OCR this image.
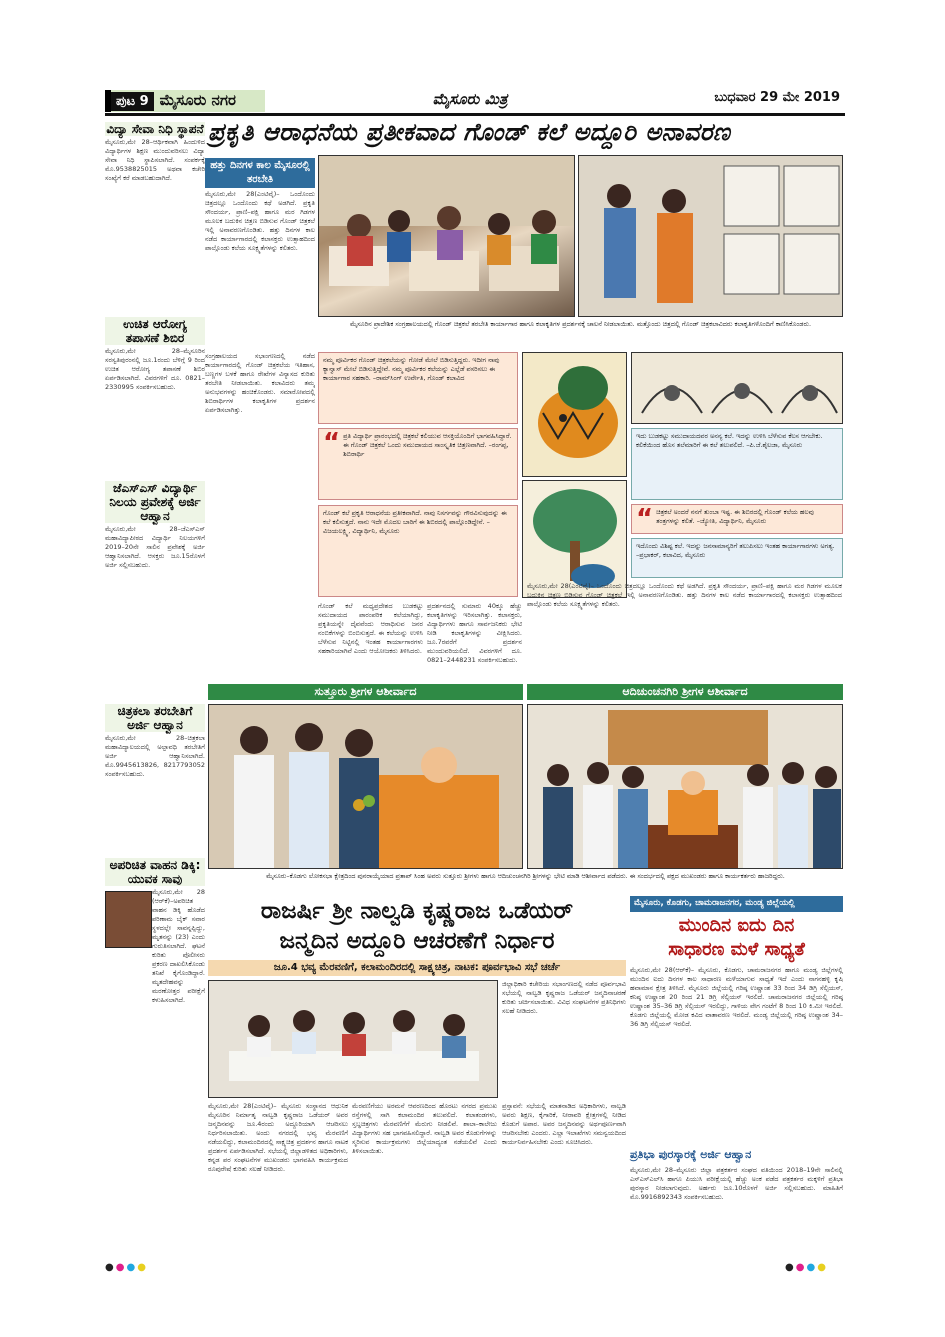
ಪುಟ 9 ಮೈಸೂರು ನಗರ	ಮೈಸೂರು ಮಿತ್ರ	ಬುಧವಾರ 29 ಮೇ 2019
ವಿದ್ಯಾ ಸೇವಾ ನಿಧಿ ಸ್ಥಾಪನೆ

ಮೈಸೂರು,ಮೇ 28–ಆರ್ಥಿಕವಾಗಿ ಹಿಂದುಳಿದ ವಿದ್ಯಾರ್ಥಿಗಳ ಶಿಕ್ಷಣ ಮುಂದುವರಿಸಲು ವಿದ್ಯಾ ಸೇವಾ ನಿಧಿ ಸ್ಥಾಪಿಸಲಾಗಿದೆ. ಸಂಪರ್ಕಕ್ಕೆ ಮೊ.9538825015 ಅಥವಾ ಕಚೇರಿ ಸಂಖ್ಯೆಗೆ ಕರೆ ಮಾಡಬಹುದಾಗಿದೆ.

ಉಚಿತ ಆರೋಗ್ಯ ತಪಾಸಣೆ ಶಿಬಿರ

ಮೈಸೂರು,ಮೇ 28–ಮೈಸೂರಿನ ಸರಸ್ವತಿಪುರಂನಲ್ಲಿ ಜೂ.1ರಂದು ಬೆಳಿಗ್ಗೆ 9 ರಿಂದ ಉಚಿತ ಆರೋಗ್ಯ ತಪಾಸಣೆ ಶಿಬಿರ ಏರ್ಪಡಿಸಲಾಗಿದೆ. ವಿವರಗಳಿಗೆ ದೂ. 0821–2330995 ಸಂಪರ್ಕಿಸಬಹುದು.

ಜೆಎಸ್‌ಎಸ್ ವಿದ್ಯಾರ್ಥಿ ನಿಲಯ ಪ್ರವೇಶಕ್ಕೆ ಅರ್ಜಿ ಆಹ್ವಾನ

ಮೈಸೂರು,ಮೇ 28–ಜೆಎಸ್‌ಎಸ್ ಮಹಾವಿದ್ಯಾಪೀಠದ ವಿದ್ಯಾರ್ಥಿ ನಿಲಯಗಳಿಗೆ 2019–20ನೇ ಸಾಲಿನ ಪ್ರವೇಶಕ್ಕೆ ಅರ್ಜಿ ಆಹ್ವಾನಿಸಲಾಗಿದೆ. ಆಸಕ್ತರು ಜೂ.15ರೊಳಗೆ ಅರ್ಜಿ ಸಲ್ಲಿಸಬಹುದು.

ಚಿತ್ರಕಲಾ ತರಬೇತಿಗೆ ಅರ್ಜಿ ಆಹ್ವಾನ

ಮೈಸೂರು,ಮೇ 28–ಚಿತ್ರಕಲಾ ಮಹಾವಿದ್ಯಾಲಯದಲ್ಲಿ ಅಲ್ಪಾವಧಿ ತರಬೇತಿಗೆ ಅರ್ಜಿ ಆಹ್ವಾನಿಸಲಾಗಿದೆ. ಮೊ.9945613826, 8217793052 ಸಂಪರ್ಕಿಸಬಹುದು.

ಅಪರಿಚಿತ ವಾಹನ ಡಿಕ್ಕಿ: ಯುವಕ ಸಾವು

ಮೈಸೂರು,ಮೇ 28 (ಆರ್‌ಕೆ)–ಅಪರಿಚಿತ ವಾಹನ ಡಿಕ್ಕಿ ಹೊಡೆದ ಪರಿಣಾಮ ಬೈಕ್ ಸವಾರ ಸ್ಥಳದಲ್ಲೇ ಸಾವನ್ನಪ್ಪಿದ್ದು, ಮೃತನನ್ನು (23) ಎಂದು ಗುರುತಿಸಲಾಗಿದೆ. ಘಟನೆ ಕುರಿತು ಪೊಲೀಸರು ಪ್ರಕರಣ ದಾಖಲಿಸಿಕೊಂಡು ತನಿಖೆ ಕೈಗೊಂಡಿದ್ದಾರೆ. ಮೃತದೇಹವನ್ನು ಮರಣೋತ್ತರ ಪರೀಕ್ಷೆಗೆ ಕಳುಹಿಸಲಾಗಿದೆ.

ಪ್ರಕೃತಿ ಆರಾಧನೆಯ ಪ್ರತೀಕವಾದ ಗೊಂಡ್ ಕಲೆ ಅದ್ದೂರಿ ಅನಾವರಣ
ಹತ್ತು ದಿನಗಳ ಕಾಲ ಮೈಸೂರಲ್ಲಿ ತರಬೇತಿ
ಮೈಸೂರು,ಮೇ 28(ಎಂಟಿವೈ)– ಒಂದೊಂದು ಚಿತ್ರದಲ್ಲೂ ಒಂದೊಂದು ಕಥೆ ಅಡಗಿದೆ. ಪ್ರಕೃತಿ ಸೌಂದರ್ಯ, ಪ್ರಾಣಿ–ಪಕ್ಷಿ ಹಾಗೂ ಮರ ಗಿಡಗಳ ಮೂಲಕ ಬದುಕಿನ ಚಿತ್ರಣ ಬಿಡಿಸುವ ಗೊಂಡ್ ಚಿತ್ರಕಲೆ ಇಲ್ಲಿ ಅನಾವರಣಗೊಂಡಿತು. ಹತ್ತು ದಿನಗಳ ಕಾಲ ನಡೆದ ಕಾರ್ಯಾಗಾರದಲ್ಲಿ ಕಲಾಸಕ್ತರು ಉತ್ಸಾಹದಿಂದ ಪಾಲ್ಗೊಂಡು ಕಲೆಯ ಸೂಕ್ಷ್ಮತೆಗಳನ್ನು ಕಲಿತರು.
ಸಂಗ್ರಹಾಲಯದ ಸಭಾಂಗಣದಲ್ಲಿ ನಡೆದ ಕಾರ್ಯಾಗಾರದಲ್ಲಿ ಗೊಂಡ್ ಚಿತ್ರಕಲೆಯ ಇತಿಹಾಸ, ಬಣ್ಣಗಳ ಬಳಕೆ ಹಾಗೂ ರೇಖೆಗಳ ವಿನ್ಯಾಸದ ಕುರಿತು ತರಬೇತಿ ನೀಡಲಾಯಿತು. ಕಲಾವಿದರು ತಮ್ಮ ಅನುಭವಗಳನ್ನು ಹಂಚಿಕೊಂಡರು. ಸಮಾರೋಪದಲ್ಲಿ ಶಿಬಿರಾರ್ಥಿಗಳ ಕಲಾಕೃತಿಗಳ ಪ್ರದರ್ಶನ ಏರ್ಪಡಿಸಲಾಗಿತ್ತು.
ಮೈಸೂರಿನ ಪ್ರಾದೇಶಿಕ ಸಂಗ್ರಹಾಲಯದಲ್ಲಿ ಗೊಂಡ್ ಚಿತ್ರಕಲೆ ತರಬೇತಿ ಕಾರ್ಯಾಗಾರ ಹಾಗೂ ಕಲಾಕೃತಿಗಳ ಪ್ರದರ್ಶನಕ್ಕೆ ಚಾಲನೆ ನೀಡಲಾಯಿತು. ಮತ್ತೊಂದು ಚಿತ್ರದಲ್ಲಿ ಗೊಂಡ್ ಚಿತ್ರಕಲಾವಿದರು ಕಲಾಕೃತಿಗಳೊಂದಿಗೆ ಕಾಣಿಸಿಕೊಂಡರು.
ನಮ್ಮ ಪೂರ್ವಿಕರ ಗೊಂಡ್ ಚಿತ್ರಕಲೆಯನ್ನು ಗೋಡೆ ಮೇಲೆ ಬಿಡಿಸುತ್ತಿದ್ದರು. ಇದೀಗ ನಾವು ಕ್ಯಾನ್ವಾಸ್ ಮೇಲೆ ಬಿಡಿಸುತ್ತಿದ್ದೇವೆ. ನಮ್ಮ ಪೂರ್ವಿಕರ ಕಲೆಯನ್ನು ಎಲ್ಲೆಡೆ ಪಸರಿಸಲು ಈ ಕಾರ್ಯಾಗಾರ ಸಹಕಾರಿ. –ರಾಮ್‌ಸಿಂಗ್ ಉರ್ವೇತಿ, ಗೊಂಡ್ ಕಲಾವಿದ
“ ಪ್ರತಿ ವಿದ್ಯಾರ್ಥಿ ಪ್ರಾರಂಭದಲ್ಲಿ ಚಿತ್ರಕಲೆ ಕಲಿಯುವ ಆಸಕ್ತಿಯೊಂದಿಗೆ ಭಾಗವಹಿಸಿದ್ದಾರೆ. ಈ ಗೊಂಡ್ ಚಿತ್ರಕಲೆ ಒಂದು ಸಮುದಾಯದ ಸಾಂಸ್ಕೃತಿಕ ಚಿತ್ರಣವಾಗಿದೆ. –ರಂಗಪ್ಪ, ಶಿಬಿರಾರ್ಥಿ
ಗೊಂಡ್ ಕಲೆ ಪ್ರಕೃತಿ ಆರಾಧನೆಯ ಪ್ರತೀಕವಾಗಿದೆ. ನಾವು ನಿಸರ್ಗವನ್ನು ಗೌರವಿಸುವುದನ್ನು ಈ ಕಲೆ ಕಲಿಸುತ್ತದೆ. ನಾನು ಇದೇ ಮೊದಲ ಬಾರಿಗೆ ಈ ಶಿಬಿರದಲ್ಲಿ ಪಾಲ್ಗೊಂಡಿದ್ದೇನೆ. –ವಿಜಯಲಕ್ಷ್ಮಿ, ವಿದ್ಯಾರ್ಥಿನಿ, ಮೈಸೂರು
ಇದು ಬುಡಕಟ್ಟು ಸಮುದಾಯದವರ ಅನನ್ಯ ಕಲೆ. ಇದನ್ನು ಉಳಿಸಿ ಬೆಳೆಸುವ ಕೆಲಸ ಆಗಬೇಕು. ಕಲಿಕೆಯಿಂದ ಹೊಸ ತಲೆಮಾರಿಗೆ ಈ ಕಲೆ ತಲುಪಲಿದೆ. –ಪಿ.ಜೆ.ಶೈಲಜಾ, ಮೈಸೂರು
“ ಚಿತ್ರಕಲೆ ಅಂದರೆ ನನಗೆ ತುಂಬಾ ಇಷ್ಟ. ಈ ಶಿಬಿರದಲ್ಲಿ ಗೊಂಡ್ ಕಲೆಯ ಹಲವು ತಂತ್ರಗಳನ್ನು ಕಲಿತೆ. –ಜ್ಯೋತಿ, ವಿದ್ಯಾರ್ಥಿನಿ, ಮೈಸೂರು
ಇದೊಂದು ವಿಶಿಷ್ಟ ಕಲೆ. ಇದನ್ನು ಜನಸಾಮಾನ್ಯರಿಗೆ ತಲುಪಿಸಲು ಇಂತಹ ಕಾರ್ಯಾಗಾರಗಳು ಅಗತ್ಯ. –ಪ್ರಭಾಕರ್, ಕಲಾವಿದ, ಮೈಸೂರು
ಗೊಂಡ್ ಕಲೆ ಮಧ್ಯಪ್ರದೇಶದ ಬುಡಕಟ್ಟು ಸಮುದಾಯದ ಪಾರಂಪರಿಕ ಕಲೆಯಾಗಿದ್ದು, ಪ್ರಕೃತಿಯನ್ನೇ ದೈವವೆಂದು ಆರಾಧಿಸುವ ಜನರ ನಂಬಿಕೆಗಳನ್ನು ಬಿಂಬಿಸುತ್ತದೆ. ಈ ಕಲೆಯನ್ನು ಉಳಿಸಿ ಬೆಳೆಸುವ ನಿಟ್ಟಿನಲ್ಲಿ ಇಂತಹ ಕಾರ್ಯಾಗಾರಗಳು ಸಹಕಾರಿಯಾಗಿವೆ ಎಂದು ಆಯೋಜಕರು ತಿಳಿಸಿದರು.
ಪ್ರದರ್ಶನದಲ್ಲಿ ಸುಮಾರು 40ಕ್ಕೂ ಹೆಚ್ಚು ಕಲಾಕೃತಿಗಳನ್ನು ಇರಿಸಲಾಗಿತ್ತು. ಕಲಾಸಕ್ತರು, ವಿದ್ಯಾರ್ಥಿಗಳು ಹಾಗೂ ಸಾರ್ವಜನಿಕರು ಭೇಟಿ ನೀಡಿ ಕಲಾಕೃತಿಗಳನ್ನು ವೀಕ್ಷಿಸಿದರು. ಜೂ.7ರವರೆಗೆ ಪ್ರದರ್ಶನ ಮುಂದುವರಿಯಲಿದೆ. ವಿವರಗಳಿಗೆ ದೂ. 0821–2448231 ಸಂಪರ್ಕಿಸಬಹುದು.
ಮೈಸೂರು,ಮೇ 28(ಎಂಟಿವೈ)– ಒಂದೊಂದು ಚಿತ್ರದಲ್ಲೂ ಒಂದೊಂದು ಕಥೆ ಅಡಗಿದೆ. ಪ್ರಕೃತಿ ಸೌಂದರ್ಯ, ಪ್ರಾಣಿ–ಪಕ್ಷಿ ಹಾಗೂ ಮರ ಗಿಡಗಳ ಮೂಲಕ ಬದುಕಿನ ಚಿತ್ರಣ ಬಿಡಿಸುವ ಗೊಂಡ್ ಚಿತ್ರಕಲೆ ಇಲ್ಲಿ ಅನಾವರಣಗೊಂಡಿತು. ಹತ್ತು ದಿನಗಳ ಕಾಲ ನಡೆದ ಕಾರ್ಯಾಗಾರದಲ್ಲಿ ಕಲಾಸಕ್ತರು ಉತ್ಸಾಹದಿಂದ ಪಾಲ್ಗೊಂಡು ಕಲೆಯ ಸೂಕ್ಷ್ಮತೆಗಳನ್ನು ಕಲಿತರು.
ಸುತ್ತೂರು ಶ್ರೀಗಳ ಆಶೀರ್ವಾದ	ಆದಿಚುಂಚನಗಿರಿ ಶ್ರೀಗಳ ಆಶೀರ್ವಾದ
ಮೈಸೂರು–ಕೊಡಗು ಲೋಕಸಭಾ ಕ್ಷೇತ್ರದಿಂದ ಪುನರಾಯ್ಕೆಯಾದ ಪ್ರತಾಪ್ ಸಿಂಹ ಅವರು ಸುತ್ತೂರು ಶ್ರೀಗಳು ಹಾಗೂ ಆದಿಚುಂಚನಗಿರಿ ಶ್ರೀಗಳನ್ನು ಭೇಟಿ ಮಾಡಿ ಆಶೀರ್ವಾದ ಪಡೆದರು. ಈ ಸಂದರ್ಭದಲ್ಲಿ ಪಕ್ಷದ ಮುಖಂಡರು ಹಾಗೂ ಕಾರ್ಯಕರ್ತರು ಹಾಜರಿದ್ದರು.
ರಾಜರ್ಷಿ ಶ್ರೀ ನಾಲ್ವಡಿ ಕೃಷ್ಣರಾಜ ಒಡೆಯರ್
ಜನ್ಮದಿನ ಅದ್ದೂರಿ ಆಚರಣೆಗೆ ನಿರ್ಧಾರ
ಜೂ.4 ಭವ್ಯ ಮೆರವಣಿಗೆ, ಕಲಾಮಂದಿರದಲ್ಲಿ ಸಾಕ್ಷ್ಯಚಿತ್ರ, ನಾಟಕ: ಪೂರ್ವಭಾವಿ ಸಭೆ ಚರ್ಚೆ
ಜಿಲ್ಲಾಧಿಕಾರಿ ಕಚೇರಿಯ ಸಭಾಂಗಣದಲ್ಲಿ ನಡೆದ ಪೂರ್ವಭಾವಿ ಸಭೆಯಲ್ಲಿ ನಾಲ್ವಡಿ ಕೃಷ್ಣರಾಜ ಒಡೆಯರ್ ಜನ್ಮದಿನಾಚರಣೆ ಕುರಿತು ಚರ್ಚಿಸಲಾಯಿತು. ವಿವಿಧ ಸಂಘಟನೆಗಳ ಪ್ರತಿನಿಧಿಗಳು ಸಲಹೆ ನೀಡಿದರು.
ಮೈಸೂರು,ಮೇ 28(ಎಂಟಿವೈ)– ಮೈಸೂರು ಸಂಸ್ಥಾನದ ಆಧುನಿಕ ಮೈಸೂರಿನ ನಿರ್ಮಾತೃ ನಾಲ್ವಡಿ ಕೃಷ್ಣರಾಜ ಒಡೆಯರ್ ಅವರ ಜನ್ಮದಿನವನ್ನು ಜೂ.4ರಂದು ಅದ್ದೂರಿಯಾಗಿ ಆಚರಿಸಲು ನಿರ್ಧರಿಸಲಾಯಿತು. ಅಂದು ನಗರದಲ್ಲಿ ಭವ್ಯ ಮೆರವಣಿಗೆ ನಡೆಯಲಿದ್ದು, ಕಲಾಮಂದಿರದಲ್ಲಿ ಸಾಕ್ಷ್ಯಚಿತ್ರ ಪ್ರದರ್ಶನ ಹಾಗೂ ನಾಟಕ ಪ್ರದರ್ಶನ ಏರ್ಪಡಿಸಲಾಗಿದೆ. ಸಭೆಯಲ್ಲಿ ಜಿಲ್ಲಾಡಳಿತದ ಅಧಿಕಾರಿಗಳು, ಕನ್ನಡ ಪರ ಸಂಘಟನೆಗಳ ಮುಖಂಡರು ಭಾಗವಹಿಸಿ ಕಾರ್ಯಕ್ರಮದ ರೂಪುರೇಷೆ ಕುರಿತು ಸಲಹೆ ನೀಡಿದರು.
ಮೆರವಣಿಗೆಯು ಅರಮನೆ ಆವರಣದಿಂದ ಹೊರಟು ನಗರದ ಪ್ರಮುಖ ರಸ್ತೆಗಳಲ್ಲಿ ಸಾಗಿ ಕಲಾಮಂದಿರ ತಲುಪಲಿದೆ. ಕಲಾತಂಡಗಳು, ಸ್ತಬ್ಧಚಿತ್ರಗಳು ಮೆರವಣಿಗೆಗೆ ಮೆರುಗು ನೀಡಲಿವೆ. ಶಾಲಾ–ಕಾಲೇಜು ವಿದ್ಯಾರ್ಥಿಗಳು ಸಹ ಭಾಗವಹಿಸಲಿದ್ದಾರೆ. ನಾಲ್ವಡಿ ಅವರ ಕೊಡುಗೆಗಳನ್ನು ಸ್ಮರಿಸುವ ಕಾರ್ಯಕ್ರಮಗಳು ಜಿಲ್ಲೆಯಾದ್ಯಂತ ನಡೆಯಲಿವೆ ಎಂದು ತಿಳಿಸಲಾಯಿತು.
ಪ್ರಸ್ತಾವನೆ: ಸಭೆಯಲ್ಲಿ ಮಾತನಾಡಿದ ಅಧಿಕಾರಿಗಳು, ನಾಲ್ವಡಿ ಅವರು ಶಿಕ್ಷಣ, ಕೈಗಾರಿಕೆ, ನೀರಾವರಿ ಕ್ಷೇತ್ರಗಳಲ್ಲಿ ನೀಡಿದ ಕೊಡುಗೆ ಅಪಾರ. ಅವರ ಜನ್ಮದಿನವನ್ನು ಅರ್ಥಪೂರ್ಣವಾಗಿ ಆಚರಿಸಬೇಕು ಎಂದರು. ಎಲ್ಲಾ ಇಲಾಖೆಗಳು ಸಮನ್ವಯದಿಂದ ಕಾರ್ಯನಿರ್ವಹಿಸಬೇಕು ಎಂದು ಸೂಚಿಸಿದರು.
ಮೈಸೂರು, ಕೊಡಗು, ಚಾಮರಾಜನಗರ, ಮಂಡ್ಯ ಜಿಲ್ಲೆಯಲ್ಲಿ
ಮುಂದಿನ ಐದು ದಿನ
ಸಾಧಾರಣ ಮಳೆ ಸಾಧ್ಯತೆ
ಮೈಸೂರು,ಮೇ 28(ಆರ್‌ಕೆ)– ಮೈಸೂರು, ಕೊಡಗು, ಚಾಮರಾಜನಗರ ಹಾಗೂ ಮಂಡ್ಯ ಜಿಲ್ಲೆಗಳಲ್ಲಿ ಮುಂದಿನ ಐದು ದಿನಗಳ ಕಾಲ ಸಾಧಾರಣ ಮಳೆಯಾಗುವ ಸಾಧ್ಯತೆ ಇದೆ ಎಂದು ನಾಗನಹಳ್ಳಿ ಕೃಷಿ ಹವಾಮಾನ ಕ್ಷೇತ್ರ ತಿಳಿಸಿದೆ. ಮೈಸೂರು ಜಿಲ್ಲೆಯಲ್ಲಿ ಗರಿಷ್ಠ ಉಷ್ಣಾಂಶ 33 ರಿಂದ 34 ಡಿಗ್ರಿ ಸೆಲ್ಸಿಯಸ್, ಕನಿಷ್ಠ ಉಷ್ಣಾಂಶ 20 ರಿಂದ 21 ಡಿಗ್ರಿ ಸೆಲ್ಸಿಯಸ್ ಇರಲಿದೆ. ಚಾಮರಾಜನಗರ ಜಿಲ್ಲೆಯಲ್ಲಿ ಗರಿಷ್ಠ ಉಷ್ಣಾಂಶ 35–36 ಡಿಗ್ರಿ ಸೆಲ್ಸಿಯಸ್ ಇರಲಿದ್ದು, ಗಾಳಿಯ ವೇಗ ಗಂಟೆಗೆ 8 ರಿಂದ 10 ಕಿ.ಮೀ ಇರಲಿದೆ. ಕೊಡಗು ಜಿಲ್ಲೆಯಲ್ಲಿ ಮೋಡ ಕವಿದ ವಾತಾವರಣ ಇರಲಿದೆ. ಮಂಡ್ಯ ಜಿಲ್ಲೆಯಲ್ಲಿ ಗರಿಷ್ಠ ಉಷ್ಣಾಂಶ 34–36 ಡಿಗ್ರಿ ಸೆಲ್ಸಿಯಸ್ ಇರಲಿದೆ.
ಪ್ರತಿಭಾ ಪುರಸ್ಕಾರಕ್ಕೆ ಅರ್ಜಿ ಆಹ್ವಾನ
ಮೈಸೂರು,ಮೇ 28–ಮೈಸೂರು ಜಿಲ್ಲಾ ಪತ್ರಕರ್ತರ ಸಂಘದ ವತಿಯಿಂದ 2018–19ನೇ ಸಾಲಿನಲ್ಲಿ ಎಸ್‌ಎಸ್‌ಎಲ್‌ಸಿ ಹಾಗೂ ಪಿಯುಸಿ ಪರೀಕ್ಷೆಯಲ್ಲಿ ಹೆಚ್ಚು ಅಂಕ ಪಡೆದ ಪತ್ರಕರ್ತರ ಮಕ್ಕಳಿಗೆ ಪ್ರತಿಭಾ ಪುರಸ್ಕಾರ ನೀಡಲಾಗುವುದು. ಅರ್ಹರು ಜೂ.10ರೊಳಗೆ ಅರ್ಜಿ ಸಲ್ಲಿಸಬಹುದು. ಮಾಹಿತಿಗೆ ಮೊ.9916892343 ಸಂಪರ್ಕಿಸಬಹುದು.
●●●●	●●●●
